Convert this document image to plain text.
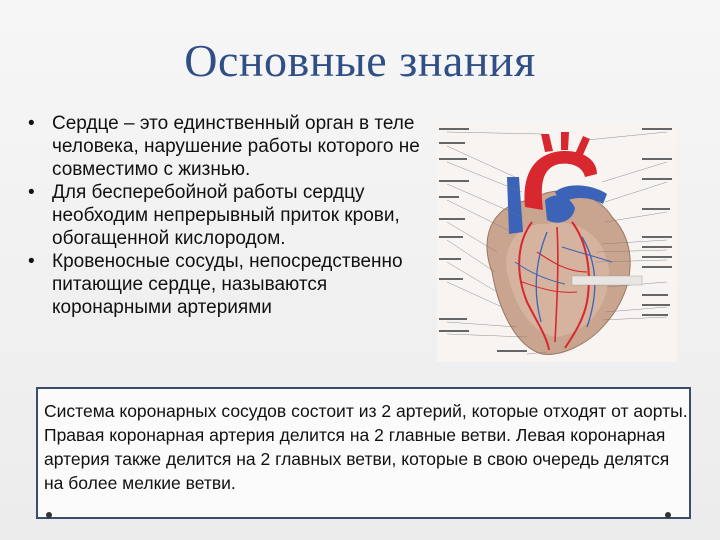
Основные знания
• Сердце – это единственный орган в теле человека, нарушение работы которого не совместимо с жизнью.
• Для бесперебойной работы сердцу необходим непрерывный приток крови, обогащенной кислородом.
• Кровеносные сосуды, непосредственно питающие сердце, называются коронарными артериями
Система коронарных сосудов состоит из 2 артерий, которые отходят от аорты. Правая коронарная артерия делится на 2 главные ветви. Левая коронарная артерия также делится на 2 главных ветви, которые в свою очередь делятся на более мелкие ветви.
